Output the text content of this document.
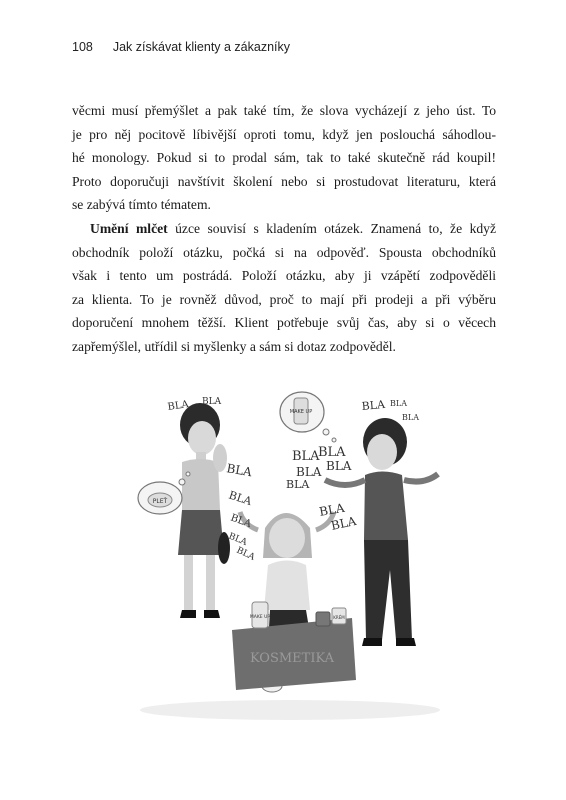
108 Jak získávat klienty a zákazníky
věcmi musí přemýšlet a pak také tím, že slova vycházejí z jeho úst. To
je pro něj pocitově líbivější oproti tomu, když jen poslouchá sáhodlou-
hé monology. Pokud si to prodal sám, tak to také skutečně rád koupil!
Proto doporučuji navštívit školení nebo si prostudovat literaturu, která
se zabývá tímto tématem.
Umění mlčet úzce souvisí s kladením otázek. Znamená to, že když
obchodník položí otázku, počká si na odpověď. Spousta obchodníků
však i tento um postrádá. Položí otázku, aby ji vzápětí zodpověděli
za klienta. To je rovněž důvod, proč to mají při prodeji a při výběru
doporučení mnohem těžší. Klient potřebuje svůj čas, aby si o věcech
zapřemýšlel, utřídil si myšlenky a sám si dotaz zodpověděl.
PLEŤ
MAKE UP
KOSMETIKA
MAKE UP	KRÉM
BLA BLA
BLA
BLA
BLA
BLA
BLA
BLA
BLA
BLA BLA
BLA
BLA BLA
BLA
BLA
BLA
